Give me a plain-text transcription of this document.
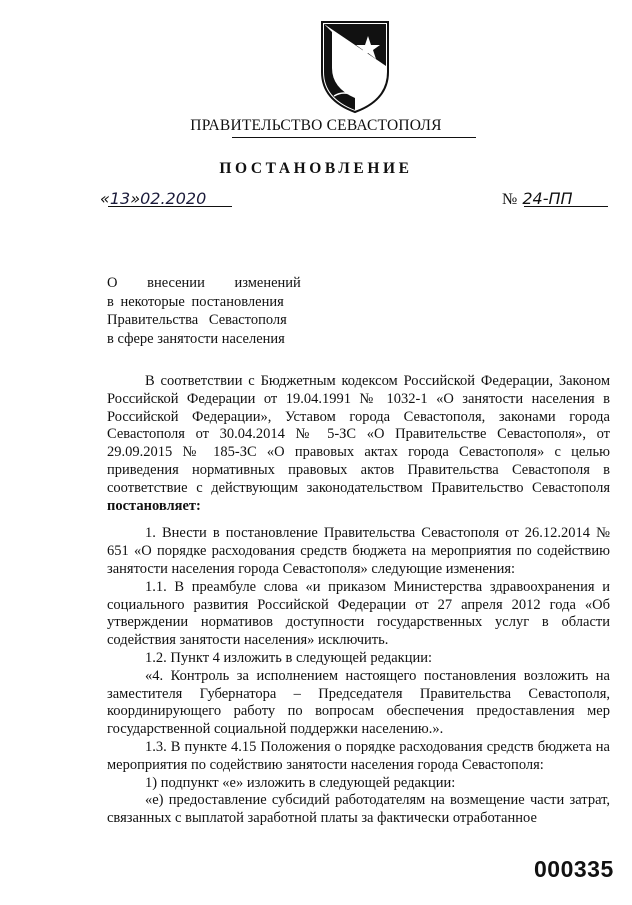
ПРАВИТЕЛЬСТВО СЕВАСТОПОЛЯ
ПОСТАНОВЛЕНИЕ
«13»02.2020	№ 24-ПП
О внесении изменений
в некоторые постановления
Правительства Севастополя
в сфере занятости населения

В соответствии с Бюджетным кодексом Российской Федерации, Законом Российской Федерации от 19.04.1991 № 1032-1 «О занятости населения в Российской Федерации», Уставом города Севастополя, законами города Севастополя от 30.04.2014 № 5-ЗС «О Правительстве Севастополя», от 29.09.2015 № 185-ЗС «О правовых актах города Севастополя» с целью приведения нормативных правовых актов Правительства Севастополя в соответствие с действующим законодательством Правительство Севастополя постановляет:

1. Внести в постановление Правительства Севастополя от 26.12.2014 № 651 «О порядке расходования средств бюджета на мероприятия по содействию занятости населения города Севастополя» следующие изменения:

1.1. В преамбуле слова «и приказом Министерства здравоохранения и социального развития Российской Федерации от 27 апреля 2012 года «Об утверждении нормативов доступности государственных услуг в области содействия занятости населения» исключить.

1.2. Пункт 4 изложить в следующей редакции:

«4. Контроль за исполнением настоящего постановления возложить на заместителя Губернатора – Председателя Правительства Севастополя, координирующего работу по вопросам обеспечения предоставления мер государственной социальной поддержки населению.».

1.3. В пункте 4.15 Положения о порядке расходования средств бюджета на мероприятия по содействию занятости населения города Севастополя:

1) подпункт «е» изложить в следующей редакции:

«е) предоставление субсидий работодателям на возмещение части затрат, связанных с выплатой заработной платы за фактически отработанное

000335
